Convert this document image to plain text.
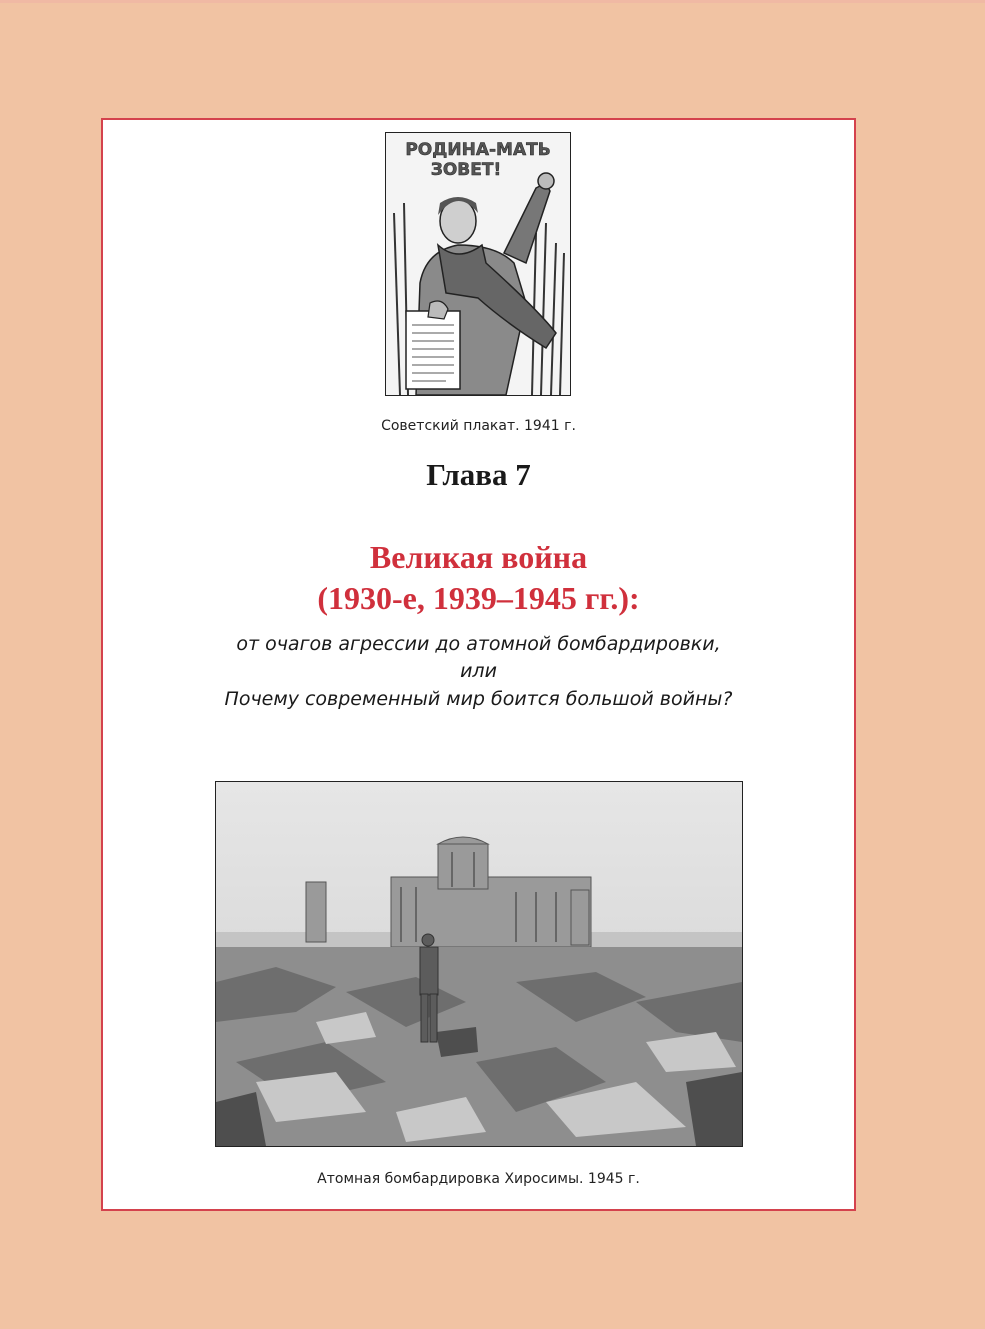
РОДИНА-МАТЬ
ЗОВЕТ!
Советский плакат. 1941 г.
Глава 7
Великая война
(1930-е, 1939–1945 гг.):
от очагов агрессии до атомной бомбардировки,
или
Почему современный мир боится большой войны?
Атомная бомбардировка Хиросимы. 1945 г.
